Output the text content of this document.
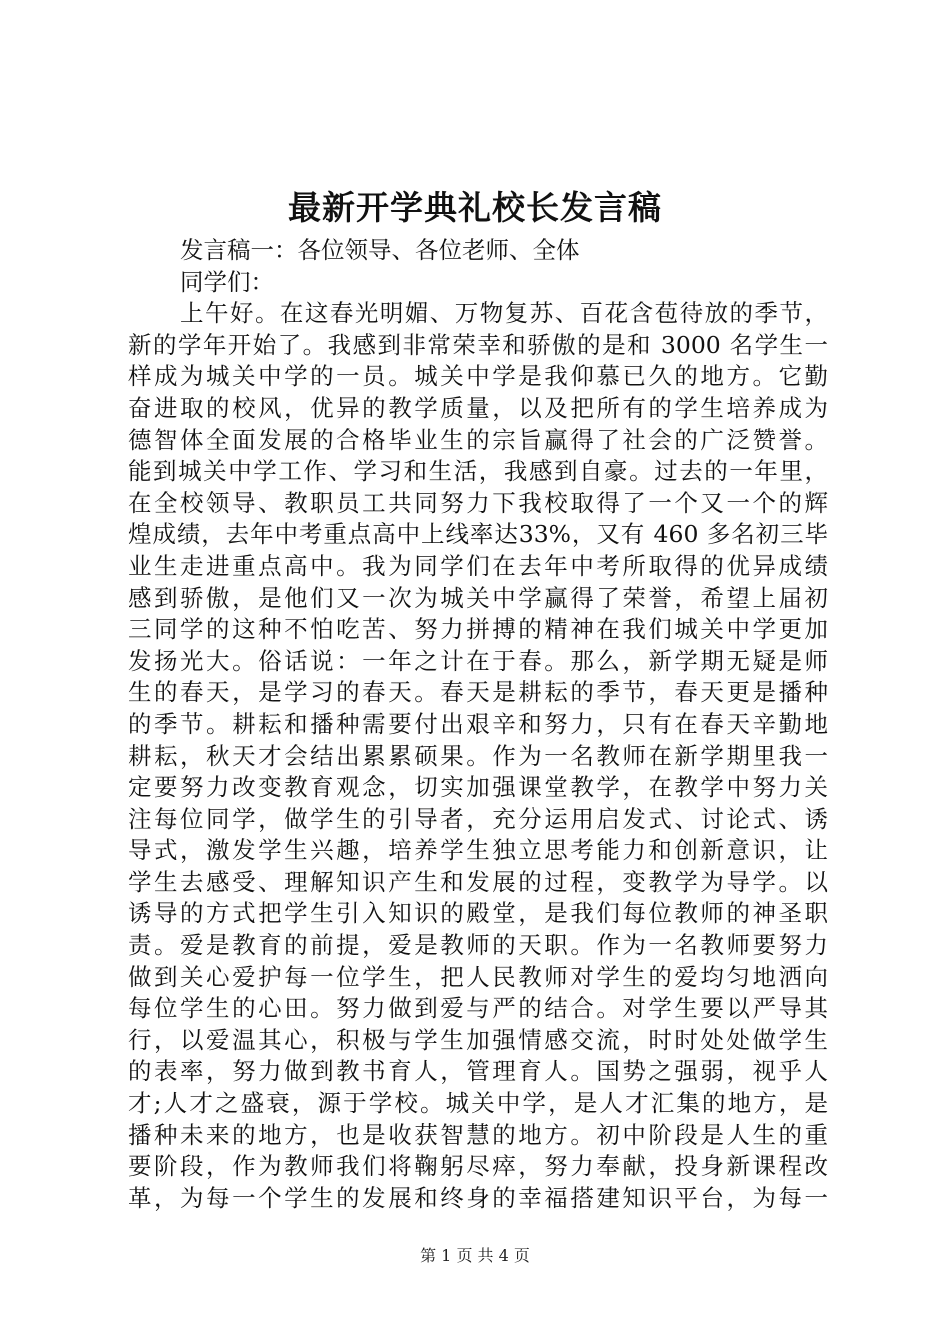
最新开学典礼校长发言稿
发言稿一：各位领导、各位老师、全体
同学们：
上午好。在这春光明媚、万物复苏、百花含苞待放的季节，
新的学年开始了。我感到非常荣幸和骄傲的是和 3000 名学生一
样成为城关中学的一员。城关中学是我仰慕已久的地方。它勤
奋进取的校风，优异的教学质量，以及把所有的学生培养成为
德智体全面发展的合格毕业生的宗旨赢得了社会的广泛赞誉。
能到城关中学工作、学习和生活，我感到自豪。过去的一年里，
在全校领导、教职员工共同努力下我校取得了一个又一个的辉
煌成绩，去年中考重点高中上线率达33%，又有 460 多名初三毕
业生走进重点高中。我为同学们在去年中考所取得的优异成绩
感到骄傲，是他们又一次为城关中学赢得了荣誉，希望上届初
三同学的这种不怕吃苦、努力拼搏的精神在我们城关中学更加
发扬光大。俗话说：一年之计在于春。那么，新学期无疑是师
生的春天，是学习的春天。春天是耕耘的季节，春天更是播种
的季节。耕耘和播种需要付出艰辛和努力，只有在春天辛勤地
耕耘，秋天才会结出累累硕果。作为一名教师在新学期里我一
定要努力改变教育观念，切实加强课堂教学，在教学中努力关
注每位同学，做学生的引导者，充分运用启发式、讨论式、诱
导式，激发学生兴趣，培养学生独立思考能力和创新意识，让
学生去感受、理解知识产生和发展的过程，变教学为导学。以
诱导的方式把学生引入知识的殿堂，是我们每位教师的神圣职
责。爱是教育的前提，爱是教师的天职。作为一名教师要努力
做到关心爱护每一位学生，把人民教师对学生的爱均匀地洒向
每位学生的心田。努力做到爱与严的结合。对学生要以严导其
行，以爱温其心，积极与学生加强情感交流，时时处处做学生
的表率，努力做到教书育人，管理育人。国势之强弱，视乎人
才;人才之盛衰，源于学校。城关中学，是人才汇集的地方，是
播种未来的地方，也是收获智慧的地方。初中阶段是人生的重
要阶段，作为教师我们将鞠躬尽瘁，努力奉献，投身新课程改
革，为每一个学生的发展和终身的幸福搭建知识平台，为每一
第 1 页 共 4 页
